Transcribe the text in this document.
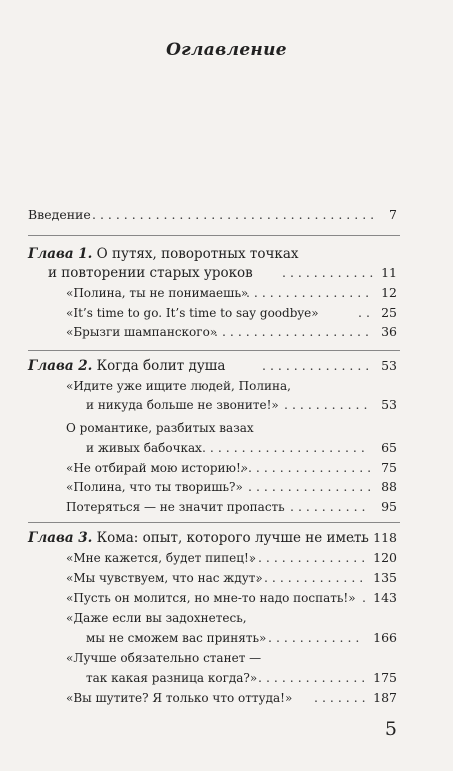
Оглавление
Введение . . .	7
Глава 1. О путях, поворотных точках
и повторении старых уроков . . .	11
«Полина, ты не понимаешь» . . .	12
«It’s time to go. It’s time to say goodbye» . . .	25
«Брызги шампанского» . . .	36
Глава 2. Когда болит душа . . .	53
«Идите уже ищите людей, Полина,
и никуда больше не звоните!» . . .	53
О романтике, разбитых вазах
и живых бабочках . . .	65
«Не отбирай мою историю!» . . .	75
«Полина, что ты творишь?» . . .	88
Потеряться — не значит пропасть . . .	95
Глава 3. Кома: опыт, которого лучше не иметь . . . 118
«Мне кажется, будет пипец!» . . .	120
«Мы чувствуем, что нас ждут» . . .	135
«Пусть он молится, но мне-то надо поспать!» . . . 143
«Даже если вы задохнетесь,
мы не сможем вас принять» . . .	166
«Лучше обязательно станет —
так какая разница когда?» . . .	175
«Вы шутите? Я только что оттуда!» . . .	187
5
